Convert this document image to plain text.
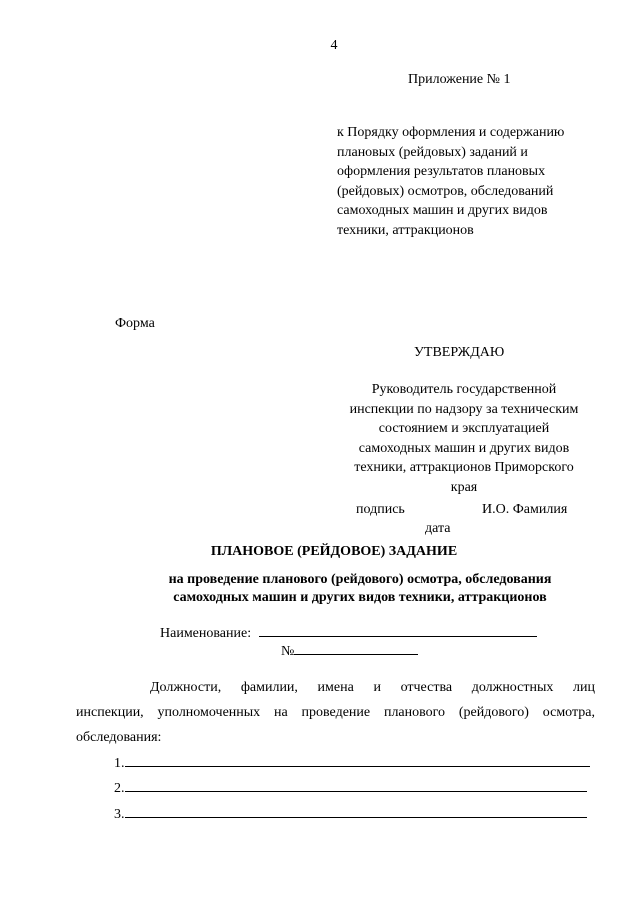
4
Приложение № 1
к Порядку оформления и содержанию
плановых (рейдовых) заданий и
оформления результатов плановых
(рейдовых) осмотров, обследований
самоходных машин и других видов
техники, аттракционов
Форма
УТВЕРЖДАЮ
Руководитель государственной
инспекции по надзору за техническим
состоянием и эксплуатацией
самоходных машин и других видов
техники, аттракционов Приморского
края
подпись	И.О. Фамилия
дата
ПЛАНОВОЕ (РЕЙДОВОЕ) ЗАДАНИЕ
на проведение планового (рейдового) осмотра, обследования
самоходных машин и других видов техники, аттракционов
Наименование:
№
Должности, фамилии, имена и отчества должностных лиц
инспекции, уполномоченных на проведение планового (рейдового) осмотра, обследования:
1.
2.
3.
